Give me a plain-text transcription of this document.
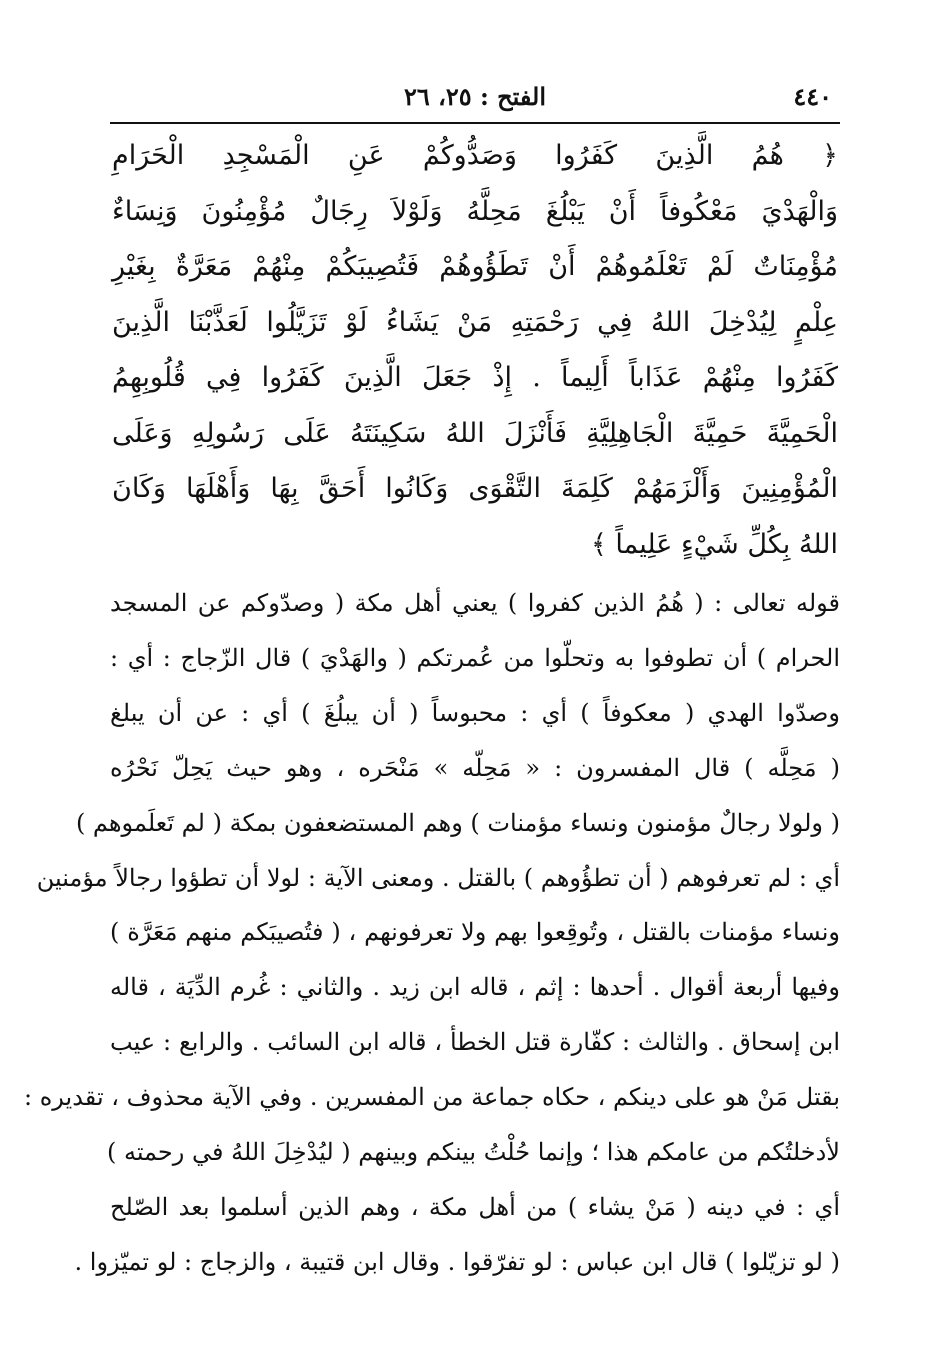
٤٤٠
الفتح : ٢٥، ٢٦
﴿ هُمُ الَّذِينَ كَفَرُوا وَصَدُّوكُمْ عَنِ الْمَسْجِدِ الْحَرَامِ
وَالْهَدْيَ مَعْكُوفاً أَنْ يَبْلُغَ مَحِلَّهُ وَلَوْلاَ رِجَالٌ مُؤْمِنُونَ وَنِسَاءٌ
مُؤْمِنَاتٌ لَمْ تَعْلَمُوهُمْ أَنْ تَطَؤُوهُمْ فَتُصِيبَكُمْ مِنْهُمْ مَعَرَّةٌ بِغَيْرِ
عِلْمٍ لِيُدْخِلَ اللهُ فِي رَحْمَتِهِ مَنْ يَشَاءُ لَوْ تَزَيَّلُوا لَعَذَّبْنَا الَّذِينَ
كَفَرُوا مِنْهُمْ عَذَاباً أَلِيماً . إِذْ جَعَلَ الَّذِينَ كَفَرُوا فِي قُلُوبِهِمُ
الْحَمِيَّةَ حَمِيَّةَ الْجَاهِلِيَّةِ فَأَنْزَلَ اللهُ سَكِينَتَهُ عَلَى رَسُولِهِ وَعَلَى
الْمُؤْمِنِينَ وَأَلْزَمَهُمْ كَلِمَةَ التَّقْوَى وَكَانُوا أَحَقَّ بِهَا وَأَهْلَهَا وَكَانَ
اللهُ بِكُلِّ شَيْءٍ عَلِيماً ﴾
قوله تعالى : ( هُمُ الذين كفروا ) يعني أهل مكة ( وصدّوكم عن المسجد
الحرام ) أن تطوفوا به وتحلّوا من عُمرتكم ( والهَدْيَ ) قال الزّجاج : أي :
وصدّوا الهدي ( معكوفاً ) أي : محبوساً ( أن يبلُغَ ) أي : عن أن يبلغ
( مَحِلَّه ) قال المفسرون : « مَحِلّه » مَنْحَره ، وهو حيث يَحِلّ نَحْرُه
( ولولا رجالٌ مؤمنون ونساء مؤمنات ) وهم المستضعفون بمكة ( لم تَعلَموهم )
أي : لم تعرفوهم ( أن تطؤُوهم ) بالقتل . ومعنى الآية : لولا أن تطؤوا رجالاً مؤمنين
ونساء مؤمنات بالقتل ، وتُوقِعوا بهم ولا تعرفونهم ، ( فتُصيبَكم منهم مَعَرَّة )
وفيها أربعة أقوال . أحدها : إثم ، قاله ابن زيد . والثاني : غُرم الدِّيَة ، قاله
ابن إسحاق . والثالث : كفّارة قتل الخطأ ، قاله ابن السائب . والرابع : عيب
بقتل مَنْ هو على دينكم ، حكاه جماعة من المفسرين . وفي الآية محذوف ، تقديره :
لأدخلتُكم من عامكم هذا ؛ وإنما حُلْتُ بينكم وبينهم ( ليُدْخِلَ اللهُ في رحمته )
أي : في دينه ( مَنْ يشاء ) من أهل مكة ، وهم الذين أسلموا بعد الصّلح
( لو تزيّلوا ) قال ابن عباس : لو تفرّقوا . وقال ابن قتيبة ، والزجاج : لو تميّزوا .
